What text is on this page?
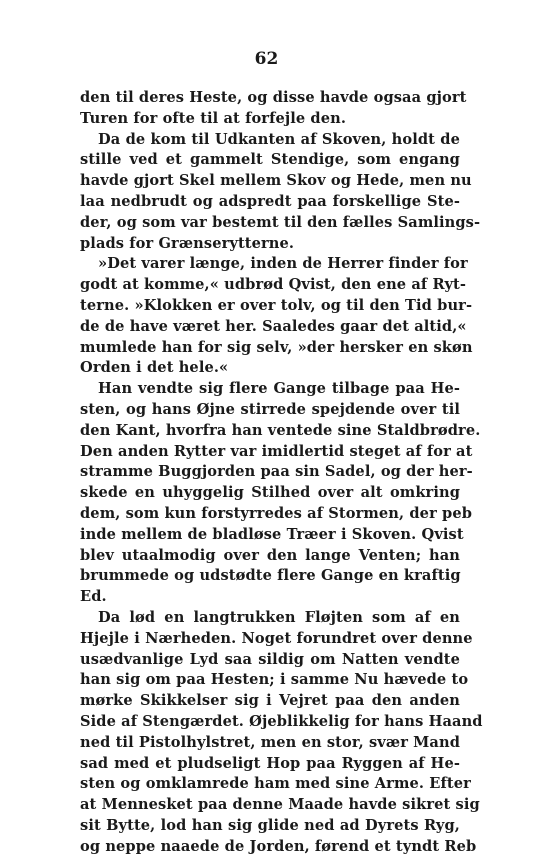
62
den til deres Heste, og disse havde ogsaa gjort
Turen for ofte til at forfejle den.
Da de kom til Udkanten af Skoven, holdt de
stille ved et gammelt Stendige, som engang
havde gjort Skel mellem Skov og Hede, men nu
laa nedbrudt og adspredt paa forskellige Ste-
der, og som var bestemt til den fælles Samlings-
plads for Grænserytterne.
»Det varer længe, inden de Herrer finder for
godt at komme,« udbrød Qvist, den ene af Ryt-
terne. »Klokken er over tolv, og til den Tid bur-
de de have været her. Saaledes gaar det altid,«
mumlede han for sig selv, »der hersker en skøn
Orden i det hele.«
Han vendte sig flere Gange tilbage paa He-
sten, og hans Øjne stirrede spejdende over til
den Kant, hvorfra han ventede sine Staldbrødre.
Den anden Rytter var imidlertid steget af for at
stramme Buggjorden paa sin Sadel, og der her-
skede en uhyggelig Stilhed over alt omkring
dem, som kun forstyrredes af Stormen, der peb
inde mellem de bladløse Træer i Skoven. Qvist
blev utaalmodig over den lange Venten; han
brummede og udstødte flere Gange en kraftig
Ed.
Da lød en langtrukken Fløjten som af en
Hjejle i Nærheden. Noget forundret over denne
usædvanlige Lyd saa sildig om Natten vendte
han sig om paa Hesten; i samme Nu hævede to
mørke Skikkelser sig i Vejret paa den anden
Side af Stengærdet. Øjeblikkelig for hans Haand
ned til Pistolhylstret, men en stor, svær Mand
sad med et pludseligt Hop paa Ryggen af He-
sten og omklamrede ham med sine Arme. Efter
at Mennesket paa denne Maade havde sikret sig
sit Bytte, lod han sig glide ned ad Dyrets Ryg,
og neppe naaede de Jorden, førend et tyndt Reb
